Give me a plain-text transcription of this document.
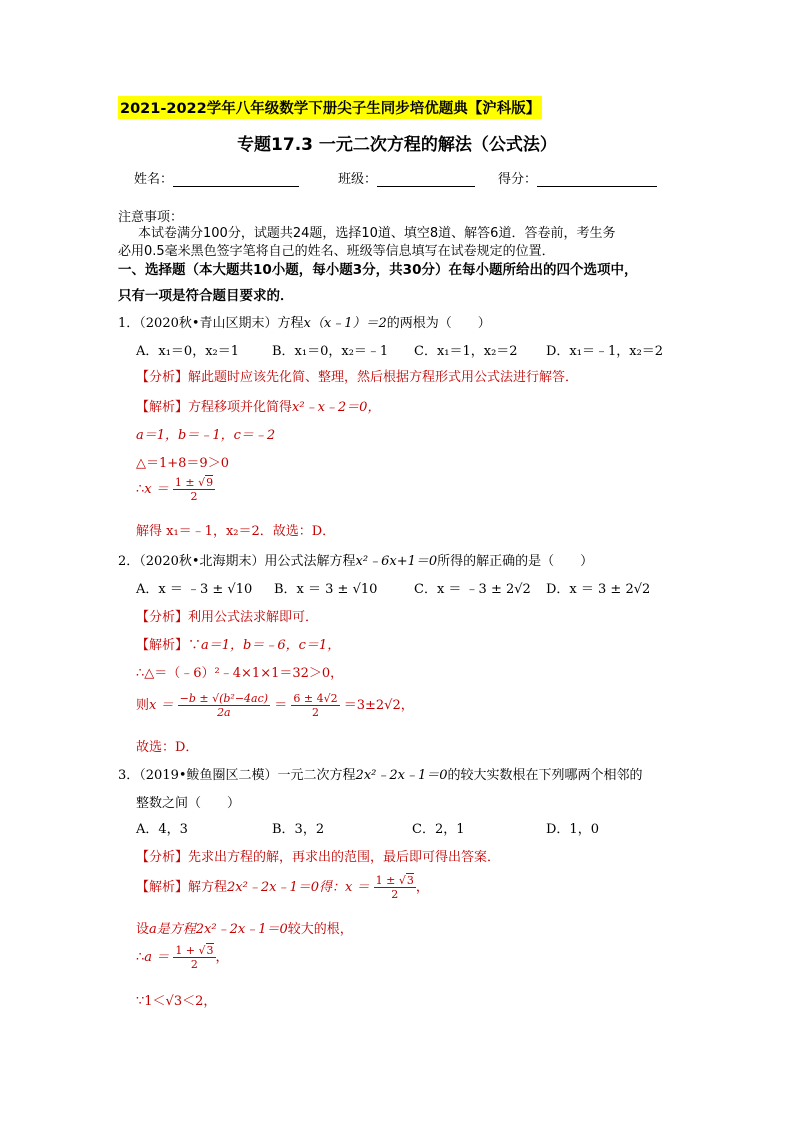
2021-2022学年八年级数学下册尖子生同步培优题典【沪科版】
专题17.3 一元二次方程的解法（公式法）
姓名：	班级：	得分：
注意事项：
本试卷满分100分，试题共24题，选择10道、填空8道、解答6道．答卷前，考生务
必用0.5毫米黑色签字笔将自己的姓名、班级等信息填写在试卷规定的位置．
一、选择题（本大题共10小题，每小题3分，共30分）在每小题所给出的四个选项中，
只有一项是符合题目要求的．
1．（2020秋•青山区期末）方程x（x﹣1）＝2的两根为（　　）
A．x₁＝0，x₂＝1	B．x₁＝0，x₂＝﹣1 C．x₁＝1，x₂＝2 D．x₁＝﹣1，x₂＝2
【分析】解此题时应该先化简、整理，然后根据方程形式用公式法进行解答．
【解析】方程移项并化简得x²﹣x﹣2＝0，
a＝1，b＝﹣1，c＝﹣2
△＝1+8＝9＞0
∴x ＝ $\frac{1 \pm √9}{2}$
解得 x₁＝﹣1，x₂＝2．故选：D．
2．（2020秋•北海期末）用公式法解方程x²﹣6x+1＝0所得的解正确的是（　　）
A．x ＝ ﹣3 ± √10 B．x ＝ 3 ± √10	C．x ＝ ﹣3 ± 2√2 D．x ＝ 3 ± 2√2
【分析】利用公式法求解即可．
【解析】∵a＝1，b＝﹣6，c＝1，
∴△＝（﹣6）²﹣4×1×1＝32＞0，
则$x = \frac{\text{−b ± √(b²−4ac)}}{2a} = \frac{6 \pm 4√2}{2} =3\pm 2√2$，
故选：D．
3．（2019•鲅鱼圈区二模）一元二次方程2x²﹣2x﹣1＝0的较大实数根在下列哪两个相邻的
整数之间（　　）
A．4，3	B．3，2	C．2，1	D．1，0
【分析】先求出方程的解，再求出的范围，最后即可得出答案．
【解析】解方程2x²﹣2x﹣1＝0得：$x = \frac{1 \pm √3}{2}$ ，
设a是方程2x²﹣2x﹣1＝0较大的根，
∴a ＝ $\frac{1 + √3}{2}$ ，
∵1＜√3＜2，
